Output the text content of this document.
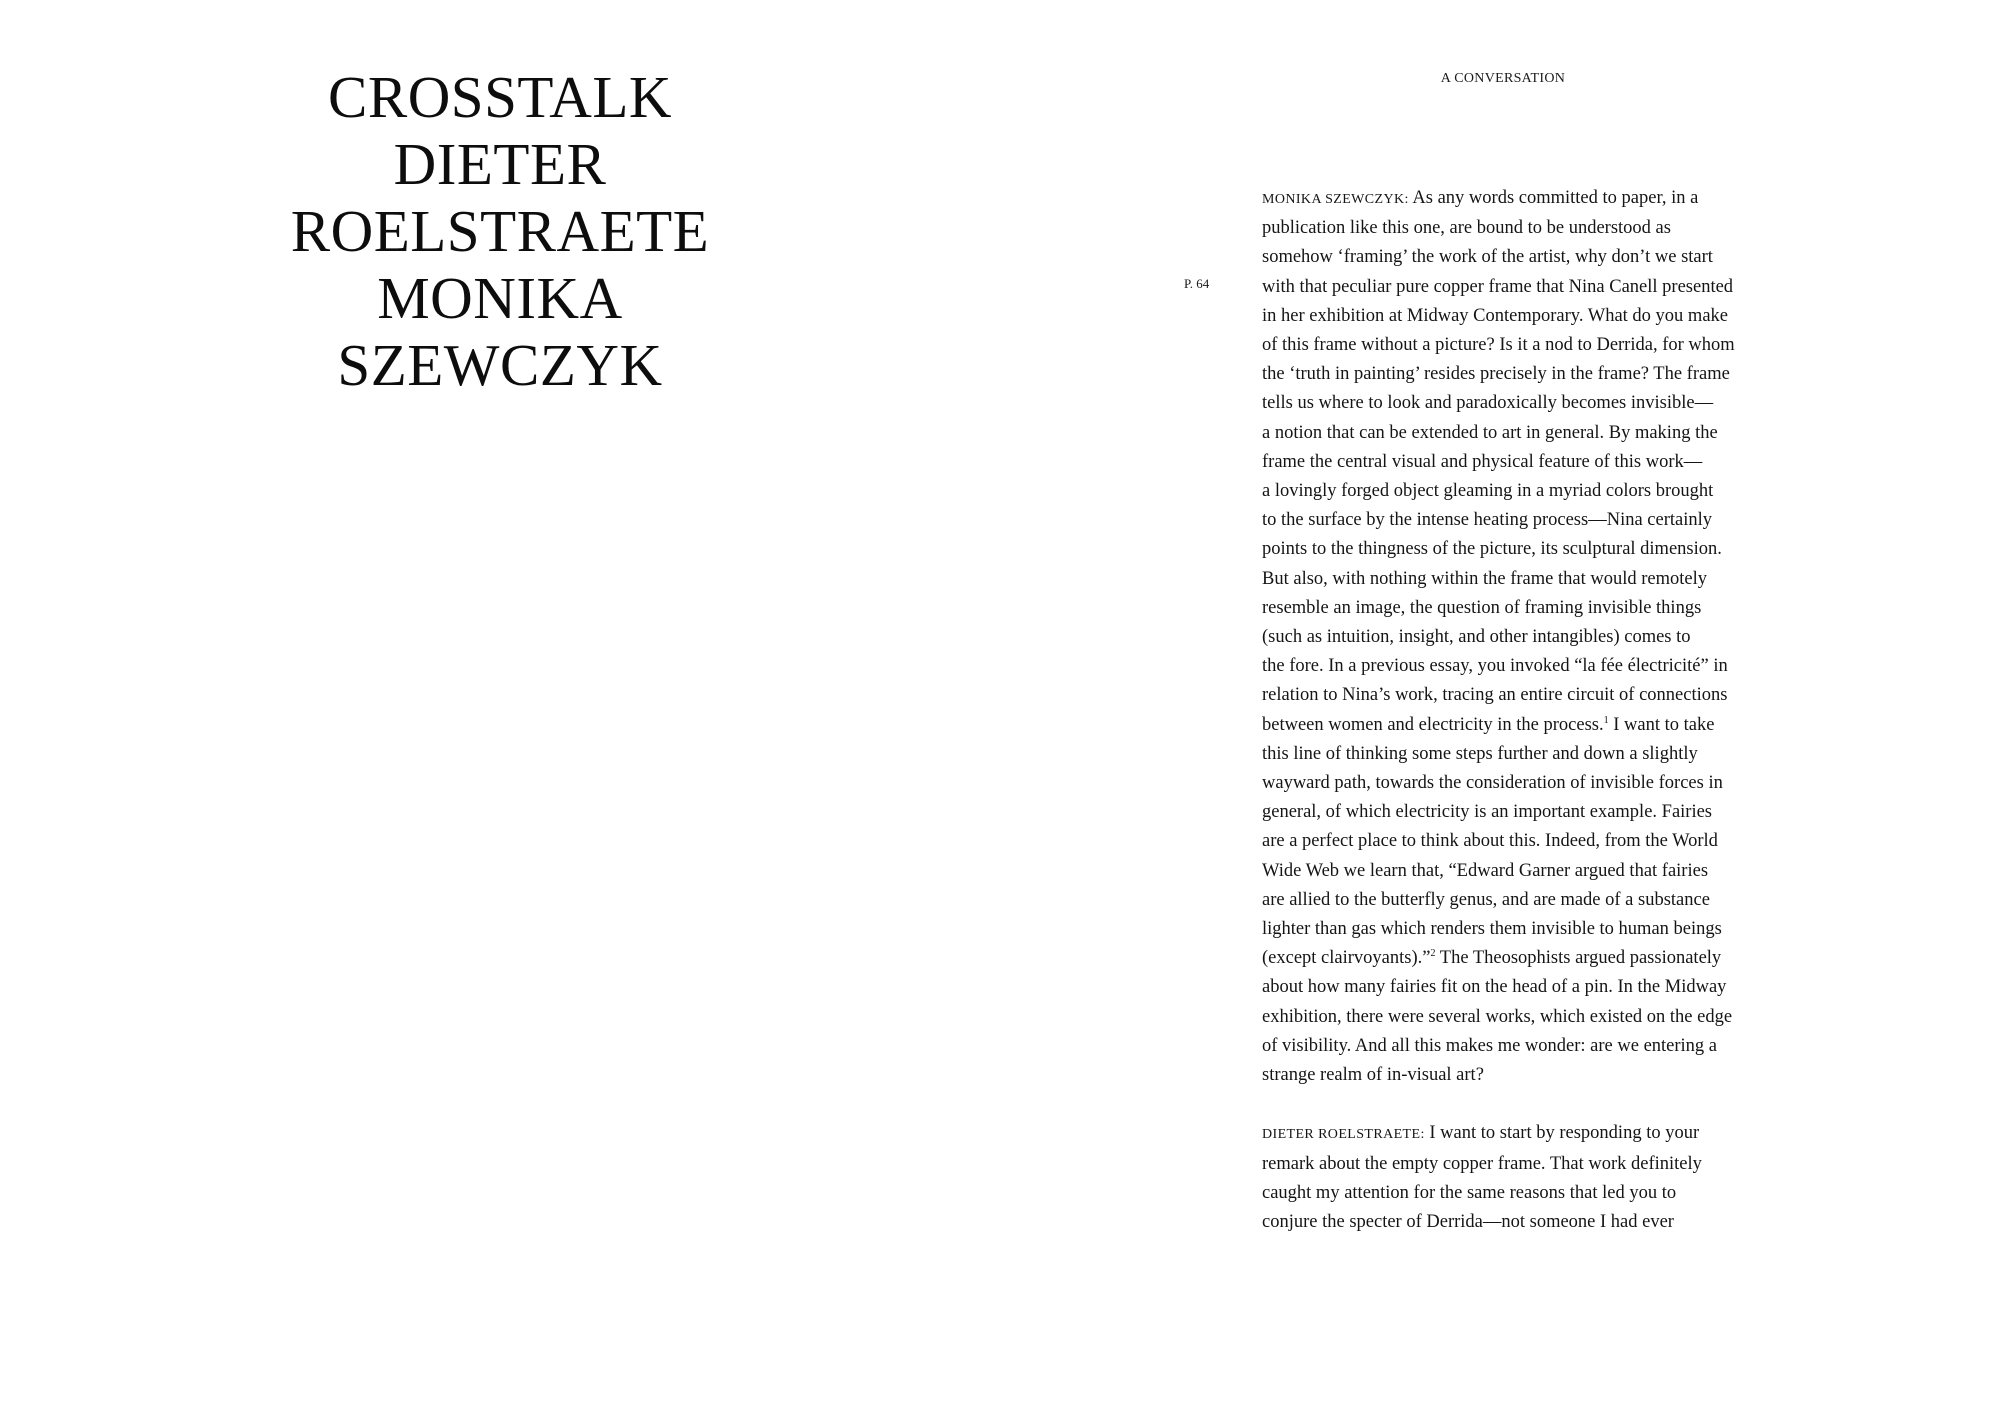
CROSSTALK
DIETER
ROELSTRAETE
MONIKA
SZEWCZYK
A CONVERSATION
P. 64
MONIKA SZEWCZYK: As any words committed to paper, in a
publication like this one, are bound to be understood as
somehow ‘framing’ the work of the artist, why don’t we start
with that peculiar pure copper frame that Nina Canell presented
in her exhibition at Midway Contemporary. What do you make
of this frame without a picture? Is it a nod to Derrida, for whom
the ‘truth in painting’ resides precisely in the frame? The frame
tells us where to look and paradoxically becomes invisible—
a notion that can be extended to art in general. By making the
frame the central visual and physical feature of this work—
a lovingly forged object gleaming in a myriad colors brought
to the surface by the intense heating process—Nina certainly
points to the thingness of the picture, its sculptural dimension.
But also, with nothing within the frame that would remotely
resemble an image, the question of framing invisible things
(such as intuition, insight, and other intangibles) comes to
the fore. In a previous essay, you invoked “la fée électricité” in
relation to Nina’s work, tracing an entire circuit of connections
between women and electricity in the process.$^1$ I want to take
this line of thinking some steps further and down a slightly
wayward path, towards the consideration of invisible forces in
general, of which electricity is an important example. Fairies
are a perfect place to think about this. Indeed, from the World
Wide Web we learn that, “Edward Garner argued that fairies
are allied to the butterfly genus, and are made of a substance
lighter than gas which renders them invisible to human beings
(except clairvoyants).”$^2$ The Theosophists argued passionately
about how many fairies fit on the head of a pin. In the Midway
exhibition, there were several works, which existed on the edge
of visibility. And all this makes me wonder: are we entering a
strange realm of in-visual art?
DIETER ROELSTRAETE: I want to start by responding to your
remark about the empty copper frame. That work definitely
caught my attention for the same reasons that led you to
conjure the specter of Derrida—not someone I had ever
